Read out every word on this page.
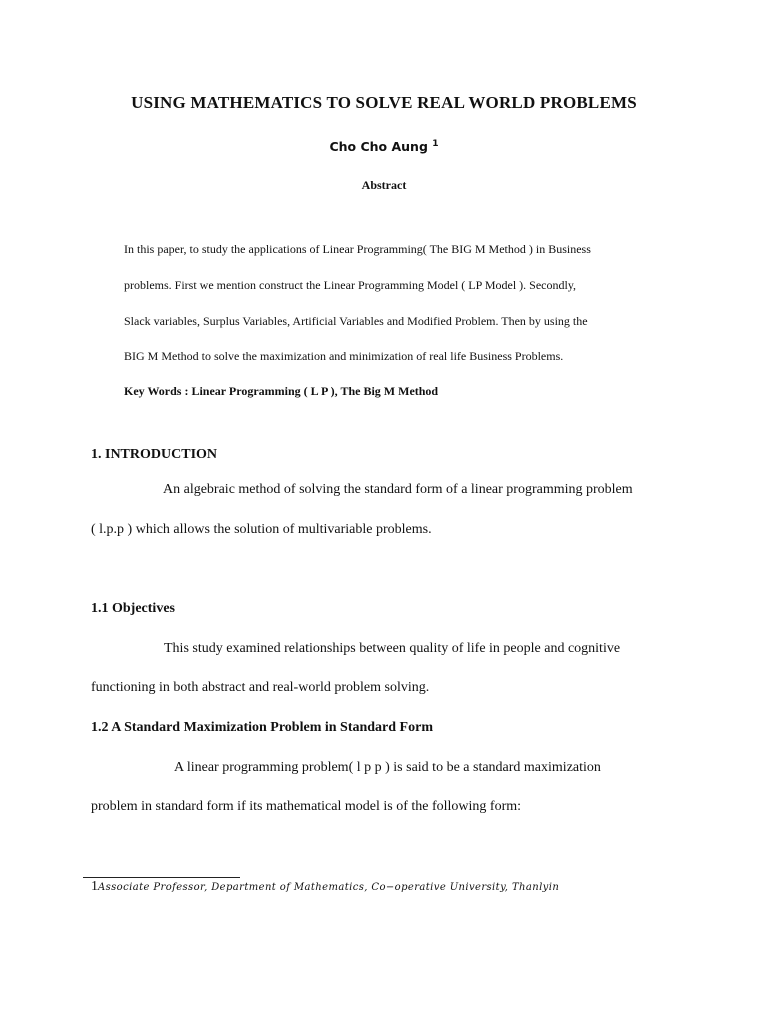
USING MATHEMATICS TO SOLVE REAL WORLD PROBLEMS
Cho Cho Aung $^1$
Abstract
In this paper, to study the applications of Linear Programming( The BIG M Method ) in Business
problems. First we mention construct the Linear Programming Model ( LP Model ). Secondly,
Slack variables, Surplus Variables, Artificial Variables and Modified Problem. Then by using the
BIG M Method to solve the maximization and minimization of real life Business Problems.
Key Words : Linear Programming ( L P ), The Big M Method
1. INTRODUCTION
An algebraic method of solving the standard form of a linear programming problem
( l.p.p ) which allows the solution of multivariable problems.
1.1 Objectives
This study examined relationships between quality of life in people and cognitive
functioning in both abstract and real-world problem solving.
1.2 A Standard Maximization Problem in Standard Form
A linear programming problem( l p p ) is said to be a standard maximization
problem in standard form if its mathematical model is of the following form:
1Associate Professor, Department of Mathematics, Co−operative University, Thanlyin
